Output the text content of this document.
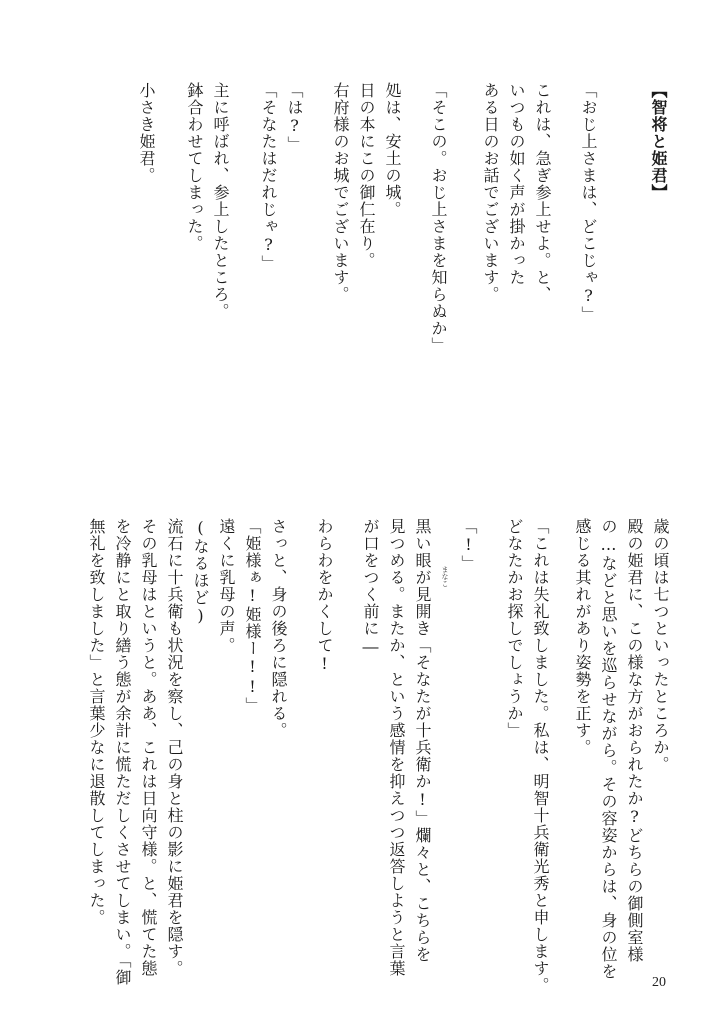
【智将と姫君】
「おじ上さまは、どこじゃ?」
これは、急ぎ参上せよ。と、
いつもの如く声が掛かった
ある日のお話でございます。
「そこの。おじ上さまを知らぬか」
処は、安土の城。
日の本にこの御仁在り。
右府様のお城でございます。
「は?」
「そなたはだれじゃ?」
主に呼ばれ、参上したところ。
鉢合わせてしまった。
小さき姫君。
歳の頃は七つといったところか。
殿の姫君に、この様な方がおられたか?どちらの御側室様
の…などと思いを巡らせながら。その容姿からは、身の位を
感じる其れがあり姿勢を正す。
「これは失礼致しました。私は、明智十兵衛光秀と申します。
どなたかお探しでしょうか」
「!」
まなこ
黒い眼が見開き「そなたが十兵衛か!」爛々と、こちらを
見つめる。またか、という感情を抑えつつ返答しようと言葉
が口をつく前に―
わらわをかくして!
さっと、身の後ろに隠れる。
「姫様ぁ!姫様ー!!」
遠くに乳母の声。
(なるほど)
流石に十兵衛も状況を察し、己の身と柱の影に姫君を隠す。
その乳母はというと。ああ、これは日向守様。と、慌てた態
を冷静にと取り繕う態が余計に慌ただしくさせてしまい。「御
無礼を致しました」と言葉少なに退散してしまった。
20
